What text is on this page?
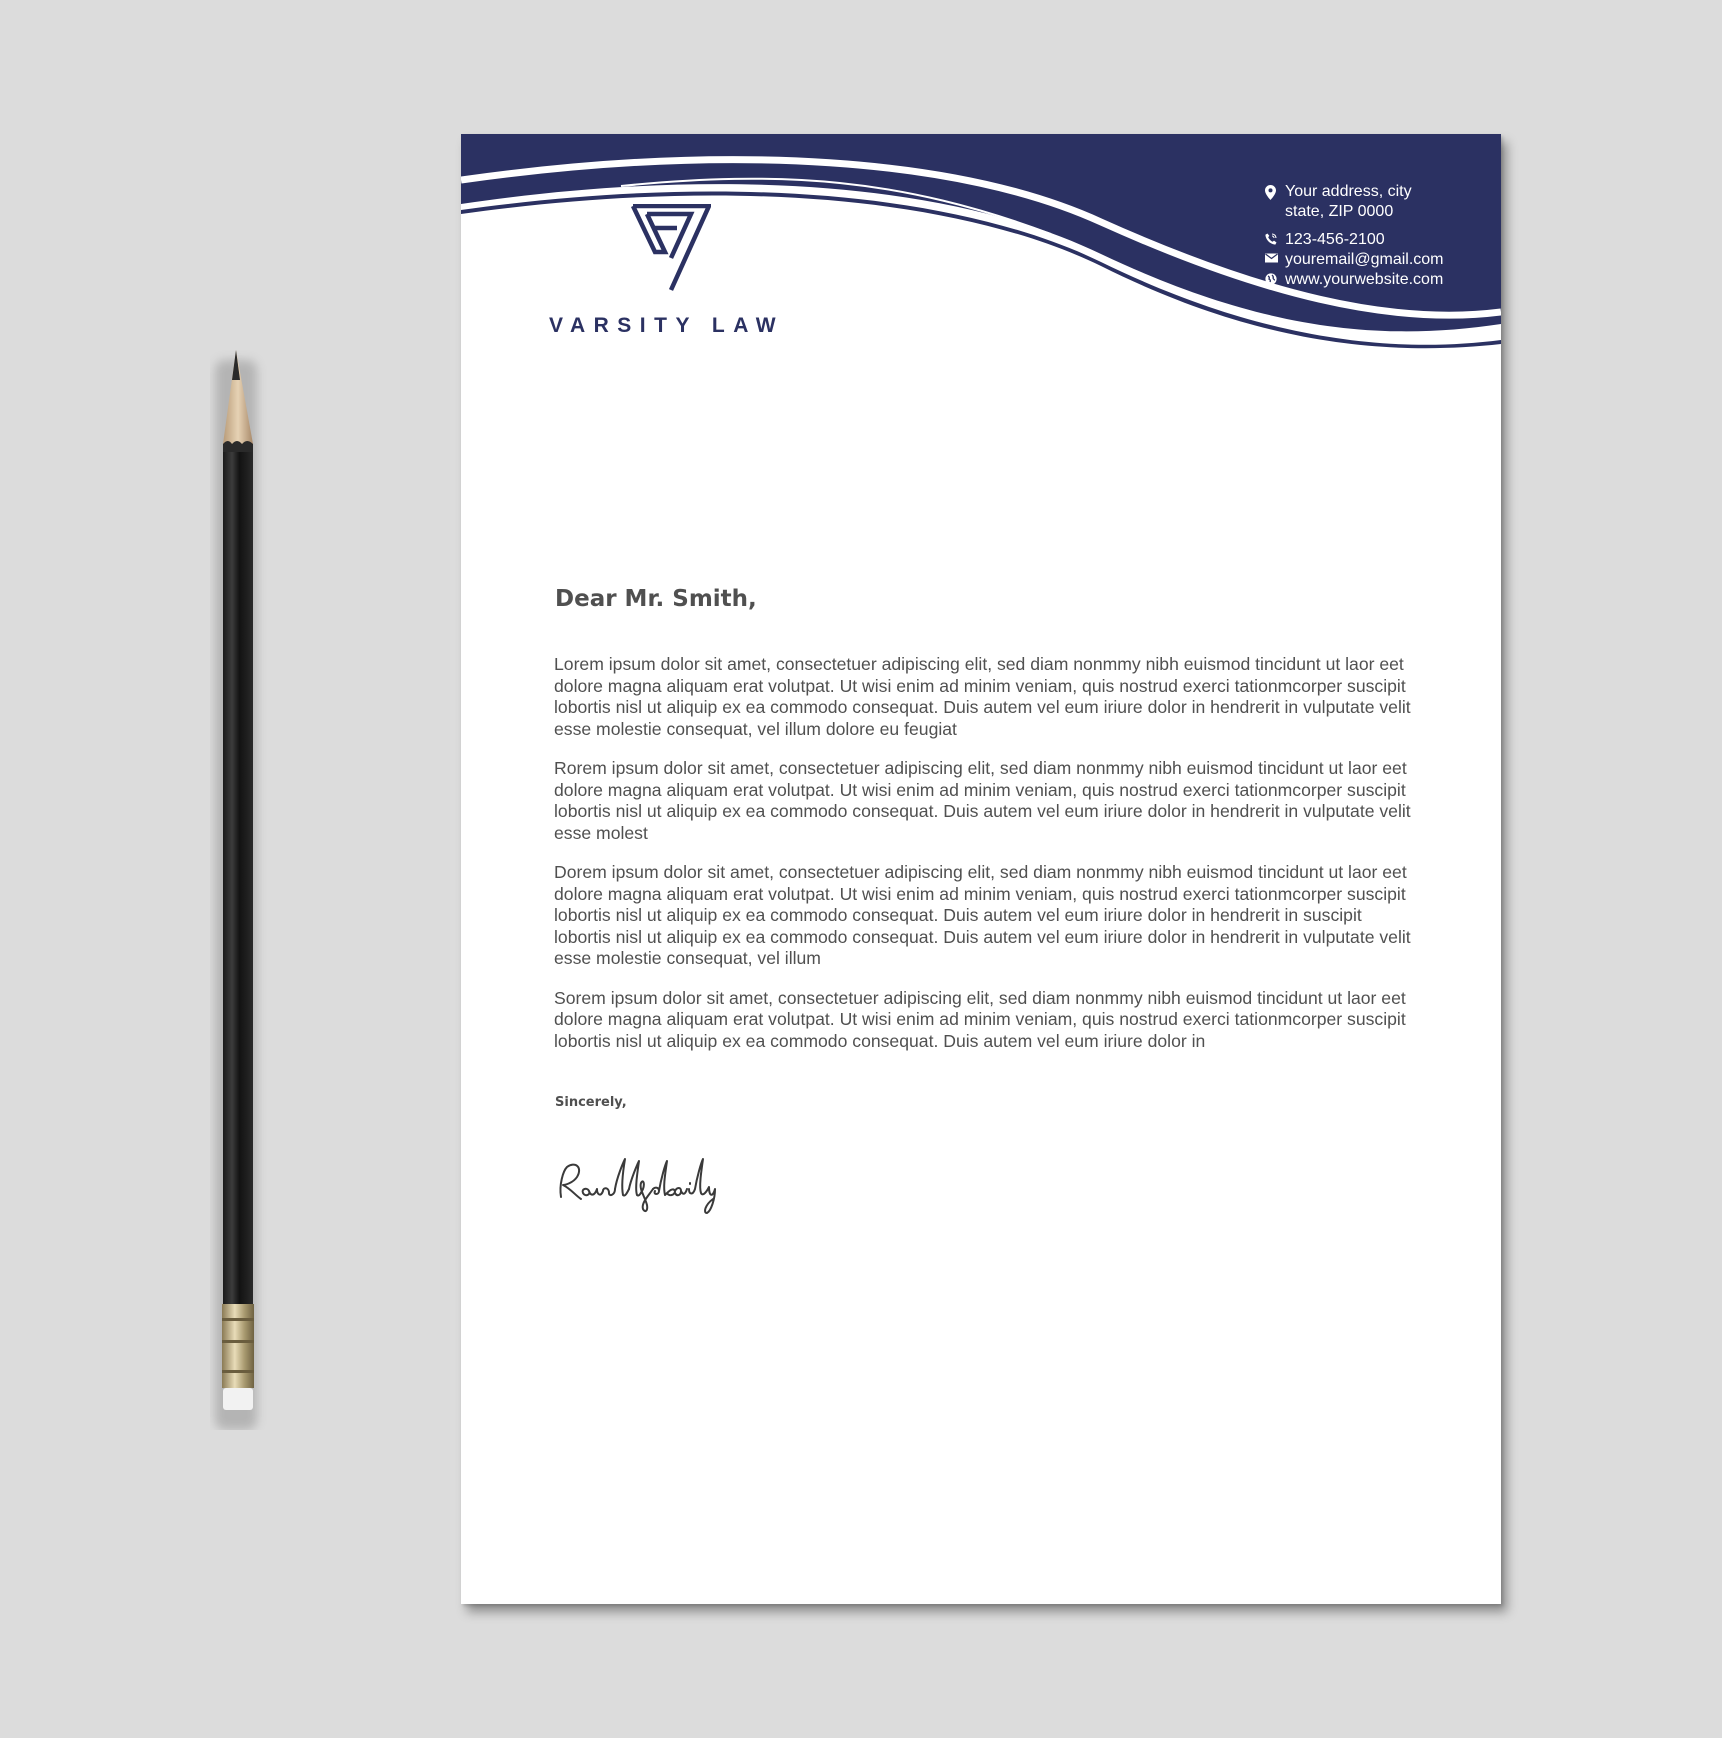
VARSITY LAW
Your address, city
state, ZIP 0000
123-456-2100
youremail@gmail.com
www.yourwebsite.com
Dear Mr. Smith,

Lorem ipsum dolor sit amet, consectetuer adipiscing elit, sed diam nonmmy nibh euismod tincidunt ut laor eet dolore magna aliquam erat volutpat. Ut wisi enim ad minim veniam, quis nostrud exerci tationmcorper suscipit lobortis nisl ut aliquip ex ea commodo consequat. Duis autem vel eum iriure dolor in hendrerit in vulputate velit esse molestie consequat, vel illum dolore eu feugiat

Rorem ipsum dolor sit amet, consectetuer adipiscing elit, sed diam nonmmy nibh euismod tincidunt ut laor eet dolore magna aliquam erat volutpat. Ut wisi enim ad minim veniam, quis nostrud exerci tationmcorper suscipit lobortis nisl ut aliquip ex ea commodo consequat. Duis autem vel eum iriure dolor in hendrerit in vulputate velit esse molest

Dorem ipsum dolor sit amet, consectetuer adipiscing elit, sed diam nonmmy nibh euismod tincidunt ut laor eet dolore magna aliquam erat volutpat. Ut wisi enim ad minim veniam, quis nostrud exerci tationmcorper suscipit lobortis nisl ut aliquip ex ea commodo consequat. Duis autem vel eum iriure dolor in hendrerit in suscipit lobortis nisl ut aliquip ex ea commodo consequat. Duis autem vel eum iriure dolor in hendrerit in vulputate velit esse molestie consequat, vel illum

Sorem ipsum dolor sit amet, consectetuer adipiscing elit, sed diam nonmmy nibh euismod tincidunt ut laor eet dolore magna aliquam erat volutpat. Ut wisi enim ad minim veniam, quis nostrud exerci tationmcorper suscipit lobortis nisl ut aliquip ex ea commodo consequat. Duis autem vel eum iriure dolor in

Sincerely,
